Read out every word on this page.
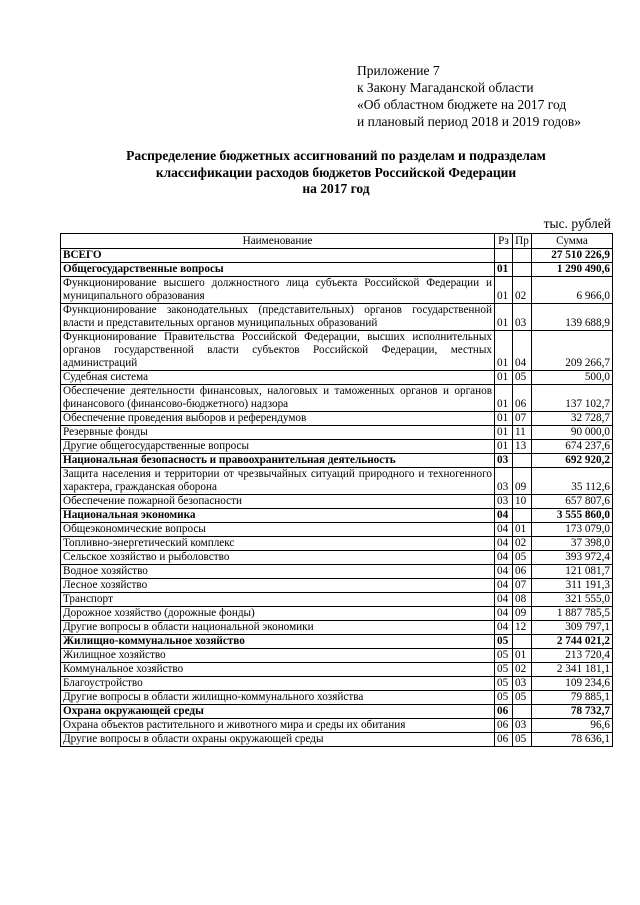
Приложение 7
к Закону Магаданской области
«Об областном бюджете на 2017 год
и плановый период 2018 и 2019 годов»
Распределение бюджетных ассигнований по разделам и подразделам
классификации расходов бюджетов Российской Федерации
на 2017 год
тыс. рублей
Наименование	Рз	Пр	Сумма
ВСЕГО			27 510 226,9
Общегосударственные вопросы	01		1 290 490,6
Функционирование высшего должностного лица субъекта Российской Федерации и муниципального образования	01	02	6 966,0
Функционирование законодательных (представительных) органов государственной власти и представительных органов муниципальных образований	01	03	139 688,9
Функционирование Правительства Российской Федерации, высших исполнительных органов государственной власти субъектов Российской Федерации, местных администраций	01	04	209 266,7
Судебная система	01	05	500,0
Обеспечение деятельности финансовых, налоговых и таможенных органов и органов финансового (финансово-бюджетного) надзора	01	06	137 102,7
Обеспечение проведения выборов и референдумов	01	07	32 728,7
Резервные фонды	01	11	90 000,0
Другие общегосударственные вопросы	01	13	674 237,6
Национальная безопасность и правоохранительная деятельность	03		692 920,2
Защита населения и территории от чрезвычайных ситуаций природного и техногенного характера, гражданская оборона	03	09	35 112,6
Обеспечение пожарной безопасности	03	10	657 807,6
Национальная экономика	04		3 555 860,0
Общеэкономические вопросы	04	01	173 079,0
Топливно-энергетический комплекс	04	02	37 398,0
Сельское хозяйство и рыболовство	04	05	393 972,4
Водное хозяйство	04	06	121 081,7
Лесное хозяйство	04	07	311 191,3
Транспорт	04	08	321 555,0
Дорожное хозяйство (дорожные фонды)	04	09	1 887 785,5
Другие вопросы в области национальной экономики	04	12	309 797,1
Жилищно-коммунальное хозяйство	05		2 744 021,2
Жилищное хозяйство	05	01	213 720,4
Коммунальное хозяйство	05	02	2 341 181,1
Благоустройство	05	03	109 234,6
Другие вопросы в области жилищно-коммунального хозяйства	05	05	79 885,1
Охрана окружающей среды	06		78 732,7
Охрана объектов растительного и животного мира и среды их обитания	06	03	96,6
Другие вопросы в области охраны окружающей среды	06	05	78 636,1
